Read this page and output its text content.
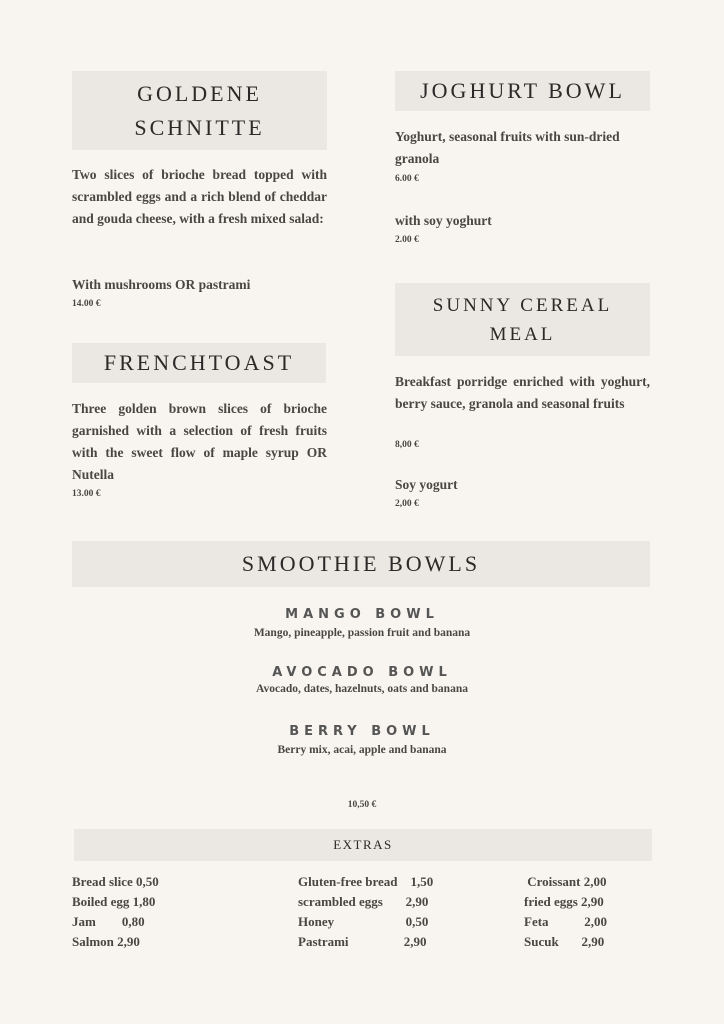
GOLDENE
SCHNITTE
Two slices of brioche bread topped with scrambled eggs and a rich blend of cheddar and gouda cheese, with a fresh mixed salad:
With mushrooms OR pastrami
14.00 €
FRENCHTOAST
Three golden brown slices of brioche garnished with a selection of fresh fruits with the sweet flow of maple syrup OR Nutella
13.00 €
JOGHURT BOWL
Yoghurt, seasonal fruits with sun-dried granola
6.00 €
with soy yoghurt
2.00 €
SUNNY CEREAL
MEAL
Breakfast porridge enriched with yoghurt, berry sauce, granola and seasonal fruits
8,00 €
Soy yogurt
2,00 €
SMOOTHIE BOWLS
MANGO BOWL
Mango, pineapple, passion fruit and banana
AVOCADO BOWL
Avocado, dates, hazelnuts, oats and banana
BERRY BOWL
Berry mix, acai, apple and banana
10,50 €
EXTRAS
Bread slice 0,50
Boiled egg 1,80
Jam        0,80
Salmon 2,90
Gluten-free bread    1,50
scrambled eggs       2,90
Honey                      0,50
Pastrami                 2,90
Croissant 2,00
fried eggs 2,90
Feta           2,00
Sucuk       2,90
